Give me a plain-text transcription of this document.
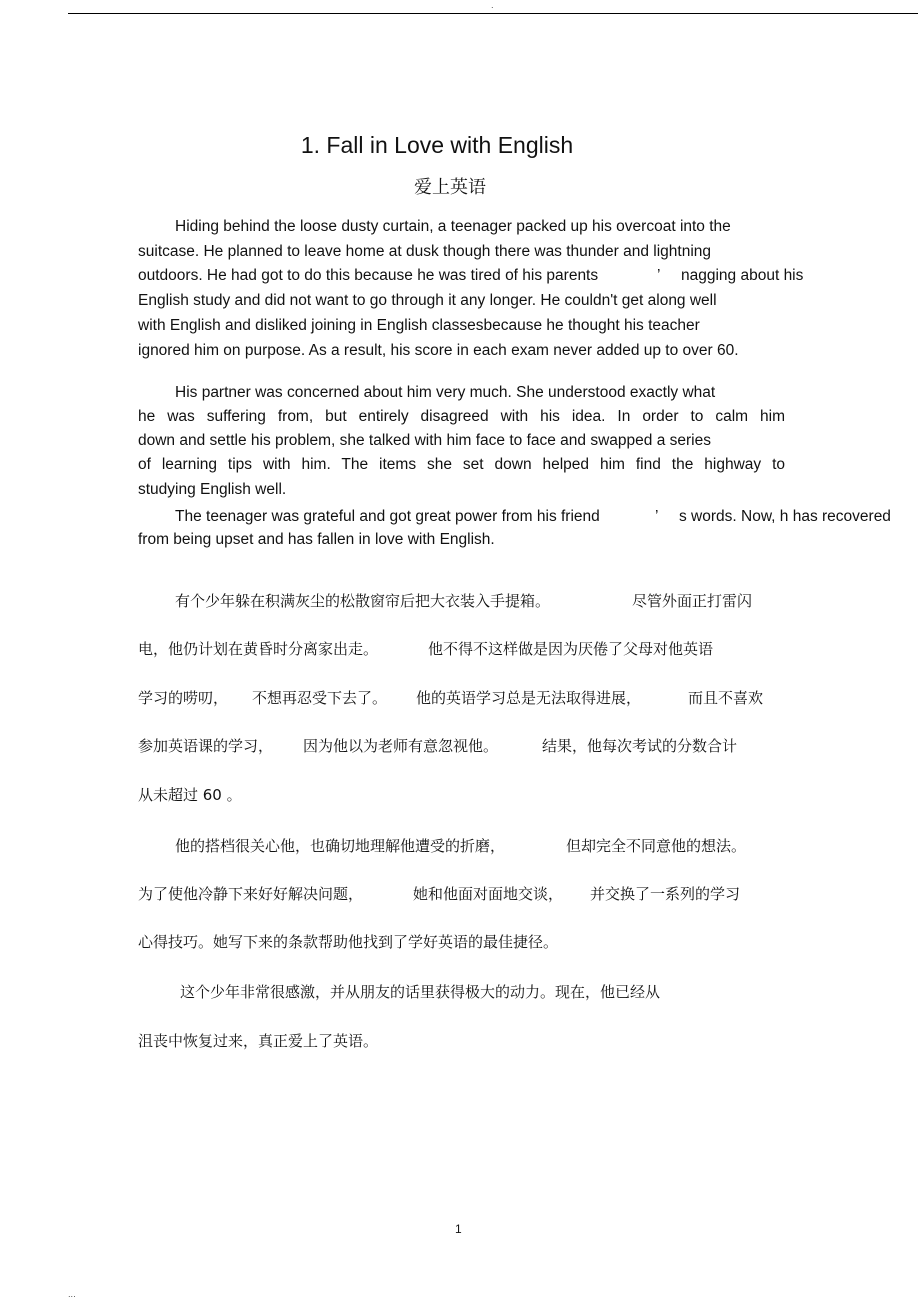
.
1. Fall in Love with English
爱上英语
Hiding behind the loose dusty curtain, a teenager packed up his overcoat into the
suitcase. He planned to leave home at dusk though there was thunder and lightning
outdoors. He had got to do this because he was tired of his parents	’ nagging about his
English study and did not want to go through it any longer. He couldn't get along well
with English and disliked joining in English classesbecause he thought his teacher
ignored him on purpose. As a result, his score in each exam never added up to over 60.
His partner was concerned about him very much. She understood exactly what
he was suffering from, but entirely disagreed with his idea. In order to calm him
down and settle his problem, she talked with him face to face and swapped a series
of learning tips with him. The items she set down helped him find the highway to
studying English well.
The teenager was grateful and got great power from his friend	’ s words. Now, h has recovered
from being upset and has fallen in love with English.
有个少年躲在积满灰尘的松散窗帘后把大衣装入手提箱。	尽管外面正打雷闪
电，他仍计划在黄昏时分离家出走。	他不得不这样做是因为厌倦了父母对他英语
学习的唠叨， 不想再忍受下去了。 他的英语学习总是无法取得进展，	而且不喜欢
参加英语课的学习， 因为他以为老师有意忽视他。	结果，他每次考试的分数合计
从未超过 60 。
他的搭档很关心他，也确切地理解他遭受的折磨，	但却完全不同意他的想法。
为了使他冷静下来好好解决问题，	她和他面对面地交谈， 并交换了一系列的学习
心得技巧。她写下来的条款帮助他找到了学好英语的最佳捷径。
这个少年非常很感激，并从朋友的话里获得极大的动力。现在，他已经从
沮丧中恢复过来，真正爱上了英语。
1
...
